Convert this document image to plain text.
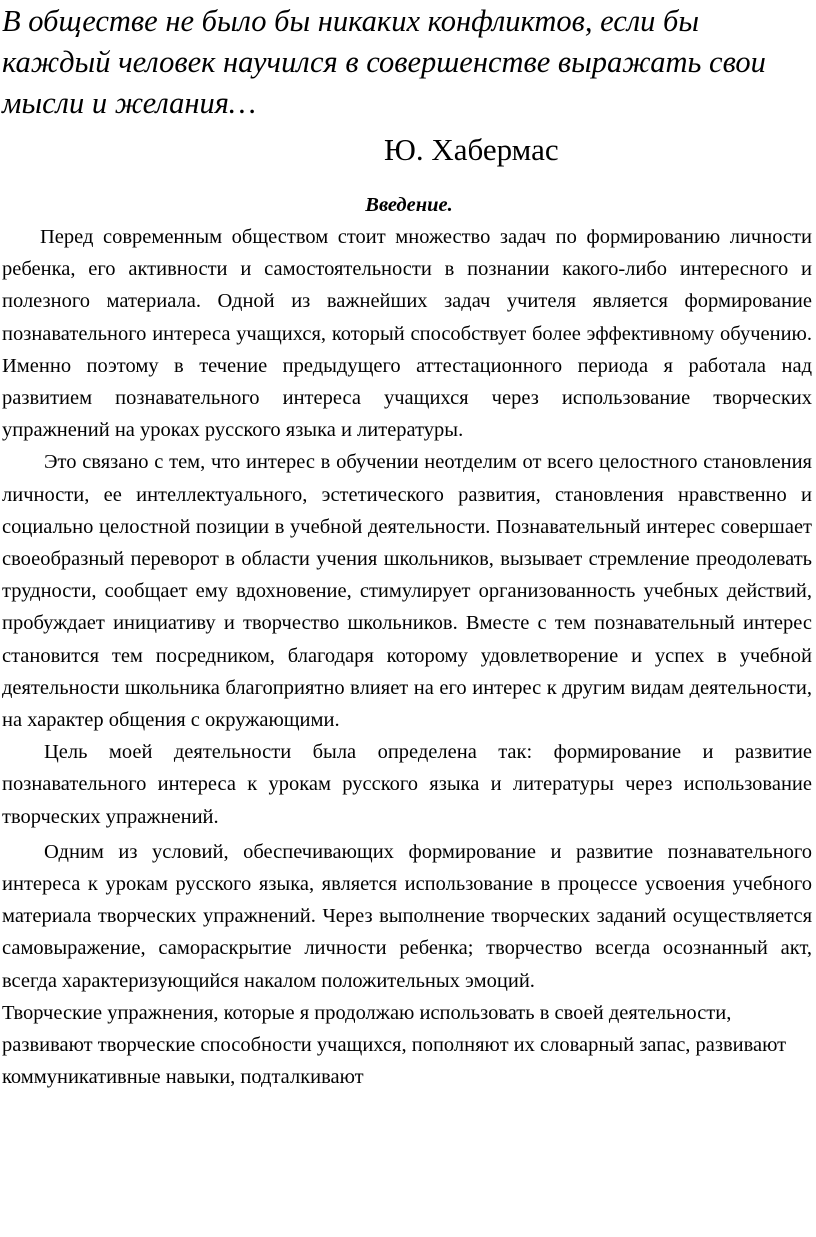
В обществе не было бы никаких конфликтов, если бы каждый человек научился в совершенстве выражать свои мысли и желания…

Ю. Хабермас

Введение.

Перед современным обществом стоит множество задач по формированию личности ребенка, его активности и самостоятельности в познании какого-либо интересного и полезного материала. Одной из важнейших задач учителя является формирование познавательного интереса учащихся, который способствует более эффективному обучению. Именно поэтому в течение предыдущего аттестационного периода я работала над развитием познавательного интереса учащихся через использование творческих упражнений на уроках русского языка и литературы.

Это связано с тем, что интерес в обучении неотделим от всего целостного становления личности, ее интеллектуального, эстетического развития, становления нравственно и социально целостной позиции в учебной деятельности. Познавательный интерес совершает своеобразный переворот в области учения школьников, вызывает стремление преодолевать трудности, сообщает ему вдохновение, стимулирует организованность учебных действий, пробуждает инициативу и творчество школьников. Вместе с тем познавательный интерес становится тем посредником, благодаря которому удовлетворение и успех в учебной деятельности школьника благоприятно влияет на его интерес к другим видам деятельности, на характер общения с окружающими.

Цель моей деятельности была определена так: формирование и развитие познавательного интереса к урокам русского языка и литературы через использование творческих упражнений.

Одним из условий, обеспечивающих формирование и развитие познавательного интереса к урокам русского языка, является использование в процессе усвоения учебного материала творческих упражнений. Через выполнение творческих заданий осуществляется самовыражение, самораскрытие личности ребенка; творчество всегда осознанный акт, всегда характеризующийся накалом положительных эмоций.

Творческие упражнения, которые я продолжаю использовать в своей деятельности, развивают творческие способности учащихся, пополняют их словарный запас, развивают коммуникативные навыки, подталкивают
